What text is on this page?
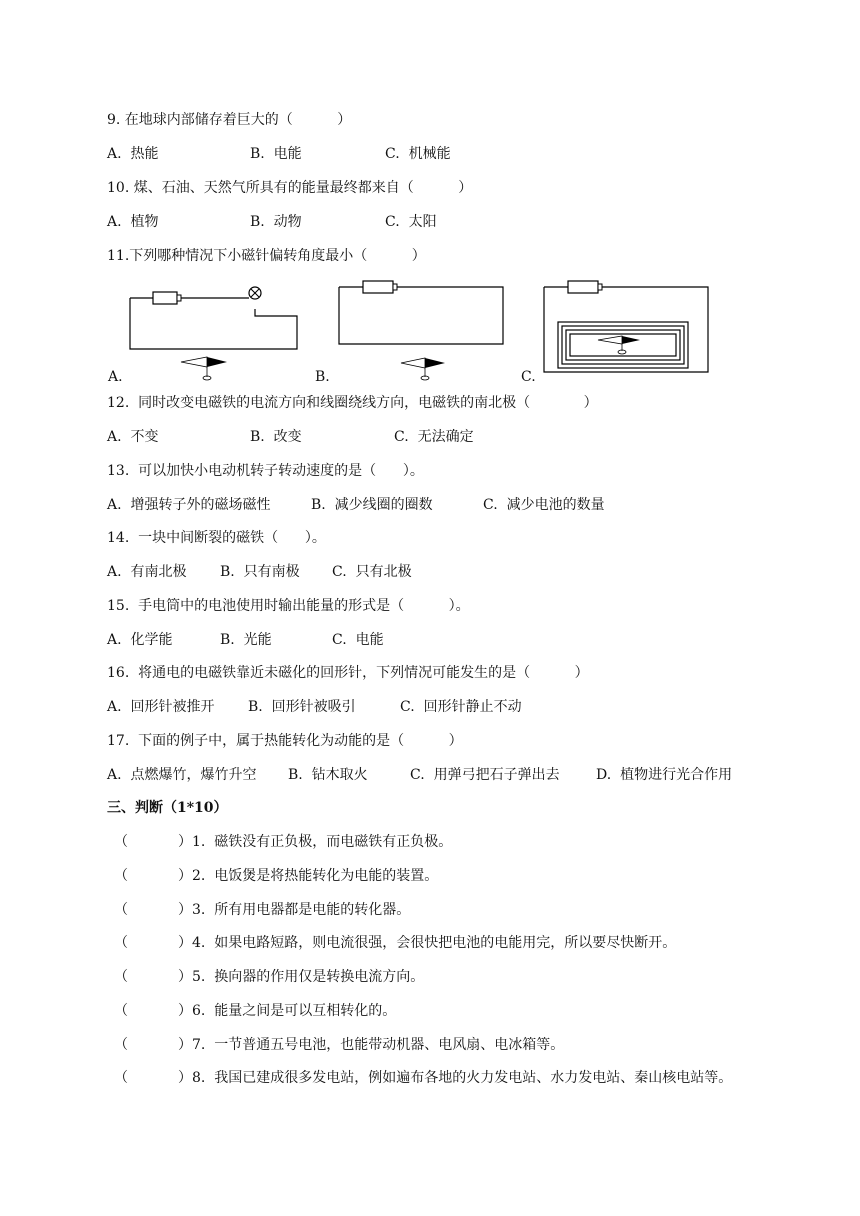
9. 在地球内部储存着巨大的（          ）
A.  热能	B.  电能	C.  机械能
10. 煤、石油、天然气所具有的能量最终都来自（          ）
A.  植物	B.  动物	C.  太阳
11.下列哪种情况下小磁针偏转角度最小（          ）
A.	B.	C.
12.  同时改变电磁铁的电流方向和线圈绕线方向，电磁铁的南北极（            ）
A.  不变	B.  改变	C.  无法确定
13.  可以加快小电动机转子转动速度的是（      ）。
A.  增强转子外的磁场磁性	B.  减少线圈的圈数	C.  减少电池的数量
14.  一块中间断裂的磁铁（      ）。
A.  有南北极 B.  只有南极 C.  只有北极
15.  手电筒中的电池使用时输出能量的形式是（          ）。
A.  化学能	B.  光能	C.  电能
16.  将通电的电磁铁靠近未磁化的回形针，下列情况可能发生的是（          ）
A.  回形针被推开 B.  回形针被吸引	C.  回形针静止不动
17.  下面的例子中，属于热能转化为动能的是（          ）
A.  点燃爆竹，爆竹升空 B.  钻木取火	C.  用弹弓把石子弹出去	D.  植物进行光合作用
三、判断（1*10）
（	）1.  磁铁没有正负极，而电磁铁有正负极。
（	）2.  电饭煲是将热能转化为电能的装置。
（	）3.  所有用电器都是电能的转化器。
（	）4.  如果电路短路，则电流很强，会很快把电池的电能用完，所以要尽快断开。
（	）5.  换向器的作用仅是转换电流方向。
（	）6.  能量之间是可以互相转化的。
（	）7.  一节普通五号电池，也能带动机器、电风扇、电冰箱等。
（	）8.  我国已建成很多发电站，例如遍布各地的火力发电站、水力发电站、秦山核电站等。
